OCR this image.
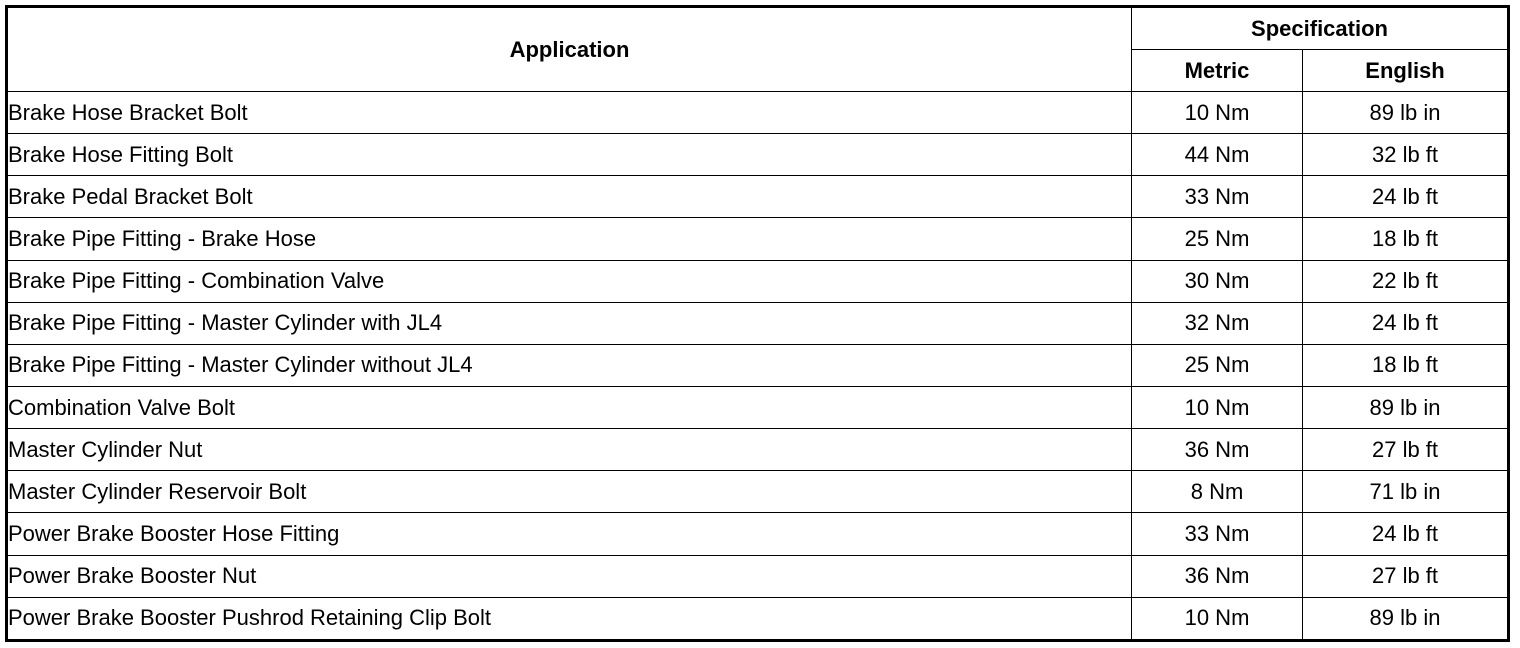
Application	Specification	
	Metric	English
Brake Hose Bracket Bolt	10 Nm	89 lb in
Brake Hose Fitting Bolt	44 Nm	32 lb ft
Brake Pedal Bracket Bolt	33 Nm	24 lb ft
Brake Pipe Fitting - Brake Hose	25 Nm	18 lb ft
Brake Pipe Fitting - Combination Valve	30 Nm	22 lb ft
Brake Pipe Fitting - Master Cylinder with JL4	32 Nm	24 lb ft
Brake Pipe Fitting - Master Cylinder without JL4	25 Nm	18 lb ft
Combination Valve Bolt	10 Nm	89 lb in
Master Cylinder Nut	36 Nm	27 lb ft
Master Cylinder Reservoir Bolt	8 Nm	71 lb in
Power Brake Booster Hose Fitting	33 Nm	24 lb ft
Power Brake Booster Nut	36 Nm	27 lb ft
Power Brake Booster Pushrod Retaining Clip Bolt	10 Nm	89 lb in
